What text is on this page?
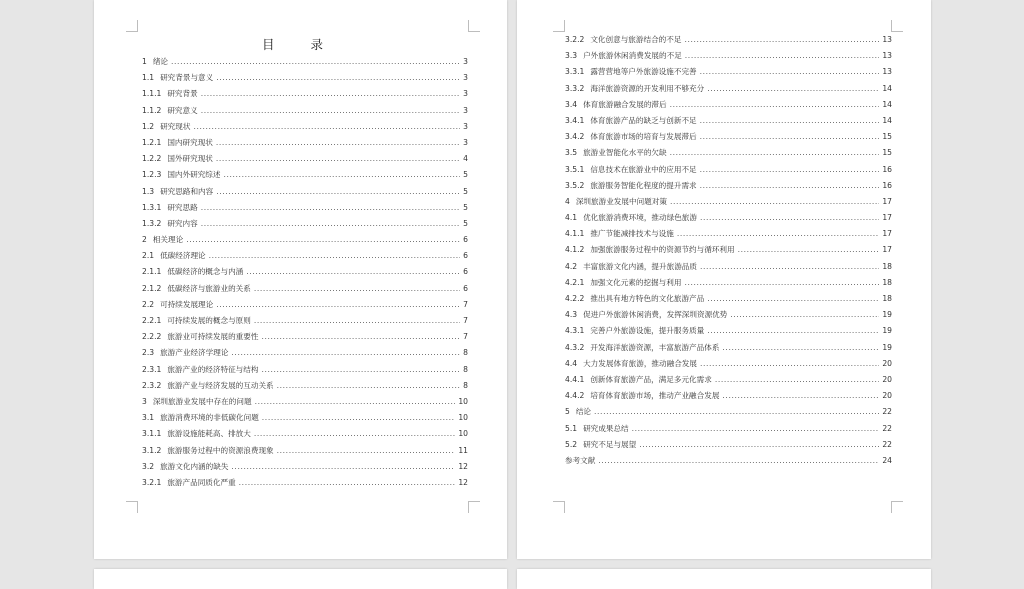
目 录
1 绪论 .....	3
1.1 研究背景与意义 .....	3
1.1.1 研究背景 .....	3
1.1.2 研究意义 .....	3
1.2 研究现状 .....	3
1.2.1 国内研究现状 .....	3
1.2.2 国外研究现状 .....	4
1.2.3 国内外研究综述 .....	5
1.3 研究思路和内容 .....	5
1.3.1 研究思路 .....	5
1.3.2 研究内容 .....	5
2 相关理论 .....	6
2.1 低碳经济理论 .....	6
2.1.1 低碳经济的概念与内涵 .....	6
2.1.2 低碳经济与旅游业的关系 .....	6
2.2 可持续发展理论 .....	7
2.2.1 可持续发展的概念与原则 .....	7
2.2.2 旅游业可持续发展的重要性 .....	7
2.3 旅游产业经济学理论 .....	8
2.3.1 旅游产业的经济特征与结构 .....	8
2.3.2 旅游产业与经济发展的互动关系 .....	8
3 深圳旅游业发展中存在的问题 .....	10
3.1 旅游消费环境的非低碳化问题 .....	10
3.1.1 旅游设施能耗高、排放大 .....	10
3.1.2 旅游服务过程中的资源浪费现象 .....	11
3.2 旅游文化内涵的缺失 .....	12
3.2.1 旅游产品同质化严重 .....	12
3.2.2 文化创意与旅游结合的不足 .....	13
3.3 户外旅游休闲消费发展的不足 .....	13
3.3.1 露营营地等户外旅游设施不完善 .....	13
3.3.2 海洋旅游资源的开发利用不够充分 .....	14
3.4 体育旅游融合发展的滞后 .....	14
3.4.1 体育旅游产品的缺乏与创新不足 .....	14
3.4.2 体育旅游市场的培育与发展滞后 .....	15
3.5 旅游业智能化水平的欠缺 .....	15
3.5.1 信息技术在旅游业中的应用不足 .....	16
3.5.2 旅游服务智能化程度的提升需求 .....	16
4 深圳旅游业发展中问题对策 .....	17
4.1 优化旅游消费环境，推动绿色旅游 .....	17
4.1.1 推广节能减排技术与设施 .....	17
4.1.2 加强旅游服务过程中的资源节约与循环利用 .....	17
4.2 丰富旅游文化内涵，提升旅游品质 .....	18
4.2.1 加强文化元素的挖掘与利用 .....	18
4.2.2 推出具有地方特色的文化旅游产品 .....	18
4.3 促进户外旅游休闲消费，发挥深圳资源优势 .....	19
4.3.1 完善户外旅游设施，提升服务质量 .....	19
4.3.2 开发海洋旅游资源，丰富旅游产品体系 .....	19
4.4 大力发展体育旅游，推动融合发展 .....	20
4.4.1 创新体育旅游产品，满足多元化需求 .....	20
4.4.2 培育体育旅游市场，推动产业融合发展 .....	20
5 结论 .....	22
5.1 研究成果总结 .....	22
5.2 研究不足与展望 .....	22
参考文献 .....	24
